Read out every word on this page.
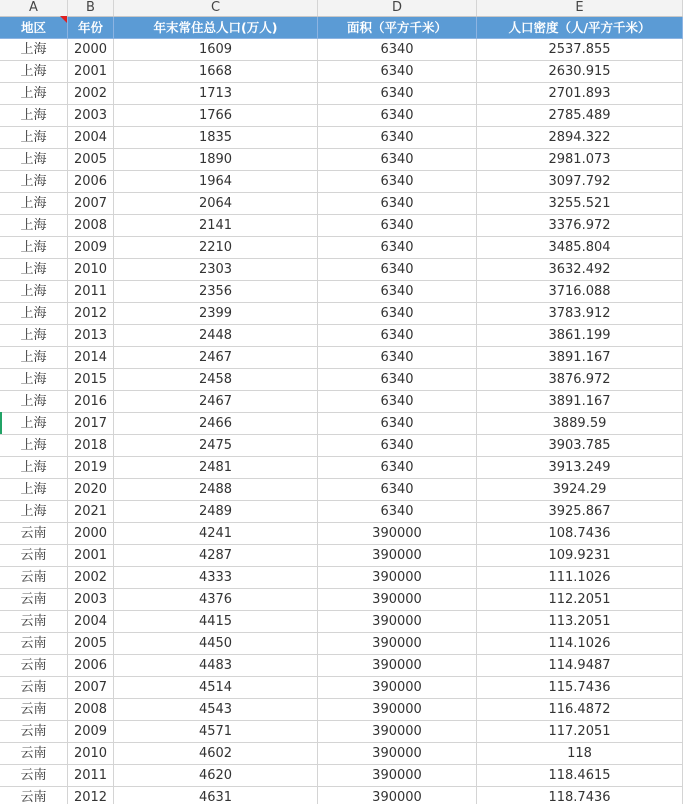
A	B	C	D	E
地区	年份	年末常住总人口(万人)	面积（平方千米）	人口密度（人/平方千米）
上海	2000	1609	6340	2537.855
上海	2001	1668	6340	2630.915
上海	2002	1713	6340	2701.893
上海	2003	1766	6340	2785.489
上海	2004	1835	6340	2894.322
上海	2005	1890	6340	2981.073
上海	2006	1964	6340	3097.792
上海	2007	2064	6340	3255.521
上海	2008	2141	6340	3376.972
上海	2009	2210	6340	3485.804
上海	2010	2303	6340	3632.492
上海	2011	2356	6340	3716.088
上海	2012	2399	6340	3783.912
上海	2013	2448	6340	3861.199
上海	2014	2467	6340	3891.167
上海	2015	2458	6340	3876.972
上海	2016	2467	6340	3891.167
上海	2017	2466	6340	3889.59
上海	2018	2475	6340	3903.785
上海	2019	2481	6340	3913.249
上海	2020	2488	6340	3924.29
上海	2021	2489	6340	3925.867
云南	2000	4241	390000	108.7436
云南	2001	4287	390000	109.9231
云南	2002	4333	390000	111.1026
云南	2003	4376	390000	112.2051
云南	2004	4415	390000	113.2051
云南	2005	4450	390000	114.1026
云南	2006	4483	390000	114.9487
云南	2007	4514	390000	115.7436
云南	2008	4543	390000	116.4872
云南	2009	4571	390000	117.2051
云南	2010	4602	390000	118
云南	2011	4620	390000	118.4615
云南	2012	4631	390000	118.7436
